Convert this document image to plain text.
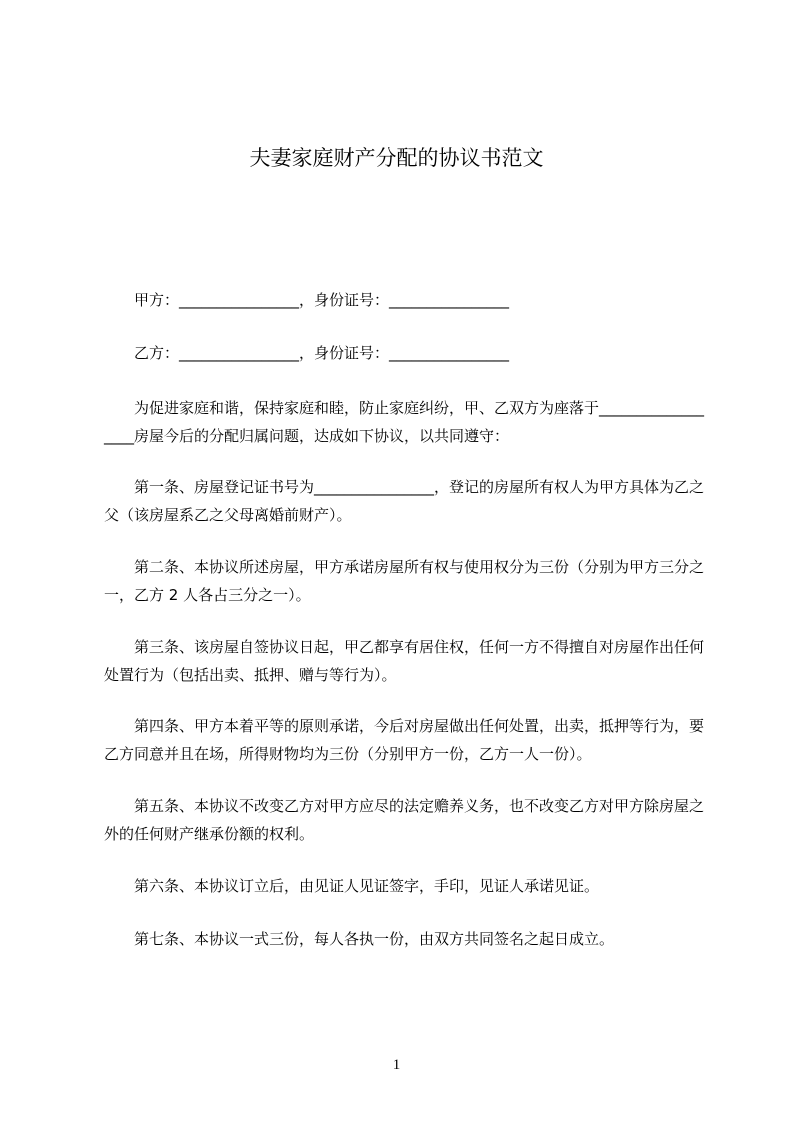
夫妻家庭财产分配的协议书范文
甲方：________________，身份证号：________________
乙方：________________，身份证号：________________
为促进家庭和谐，保持家庭和睦，防止家庭纠纷，甲、乙双方为座落于__________________房屋今后的分配归属问题，达成如下协议，以共同遵守：
第一条、房屋登记证书号为________________，登记的房屋所有权人为甲方具体为乙之父（该房屋系乙之父母离婚前财产）。
第二条、本协议所述房屋，甲方承诺房屋所有权与使用权分为三份（分别为甲方三分之一，乙方 2 人各占三分之一）。
第三条、该房屋自签协议日起，甲乙都享有居住权，任何一方不得擅自对房屋作出任何处置行为（包括出卖、抵押、赠与等行为）。
第四条、甲方本着平等的原则承诺，今后对房屋做出任何处置，出卖，抵押等行为，要乙方同意并且在场，所得财物均为三份（分别甲方一份，乙方一人一份）。
第五条、本协议不改变乙方对甲方应尽的法定赡养义务，也不改变乙方对甲方除房屋之外的任何财产继承份额的权利。
第六条、本协议订立后，由见证人见证签字，手印，见证人承诺见证。
第七条、本协议一式三份，每人各执一份，由双方共同签名之起日成立。
1
